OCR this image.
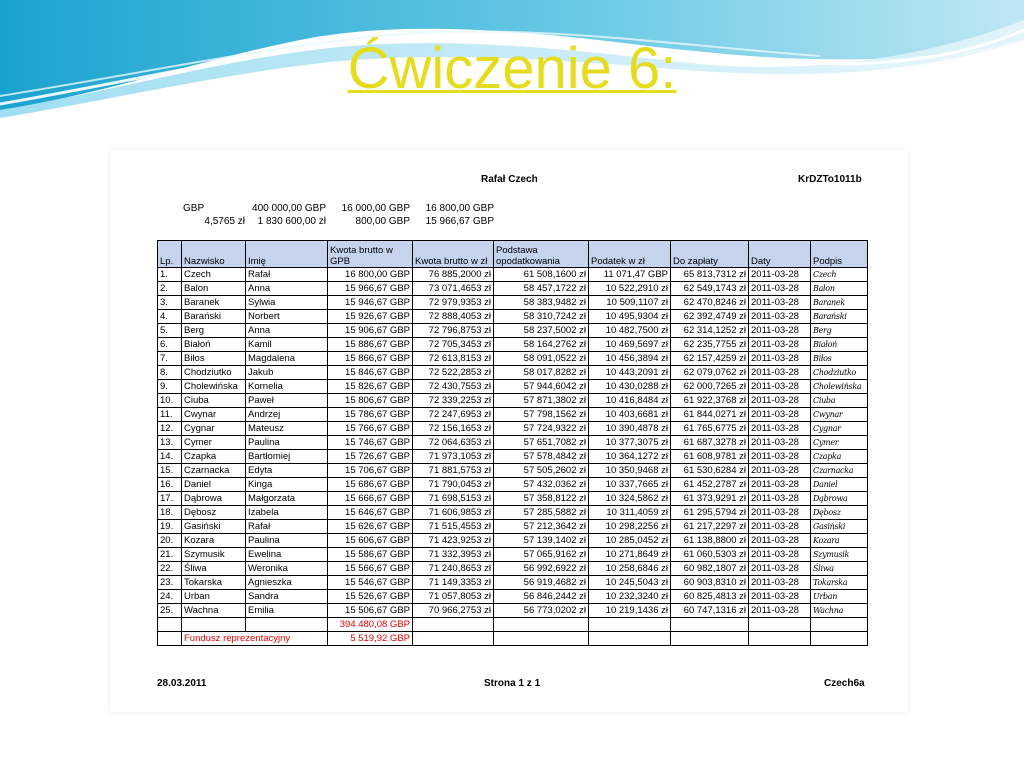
Ćwiczenie 6:
Rafał Czech	KrDZTo1011b
GBP	400 000,00 GBP	16 000,00 GBP	16 800,00 GBP
4,5765 zł	1 830 600,00 zł	800,00 GBP	15 966,67 GBP
Lp.	Nazwisko	Imię	Kwota brutto w GPB	Kwota brutto w zł	Podstawa opodatkowania	Podatek w zł	Do zapłaty	Daty	Podpis
1.	Czech	Rafał	16 800,00 GBP	76 885,2000 zł	61 508,1600 zł	11 071,47 GBP	65 813,7312 zł	2011-03-28	Czech
2.	Balon	Anna	15 966,67 GBP	73 071,4653 zł	58 457,1722 zł	10 522,2910 zł	62 549,1743 zł	2011-03-28	Balon
3.	Baranek	Sylwia	15 946,67 GBP	72 979,9353 zł	58 383,9482 zł	10 509,1107 zł	62 470,8246 zł	2011-03-28	Baranek
4.	Barański	Norbert	15 926,67 GBP	72 888,4053 zł	58 310,7242 zł	10 495,9304 zł	62 392,4749 zł	2011-03-28	Barański
5.	Berg	Anna	15 906,67 GBP	72 796,8753 zł	58 237,5002 zł	10 482,7500 zł	62 314,1252 zł	2011-03-28	Berg
6.	Białoń	Kamil	15 886,67 GBP	72 705,3453 zł	58 164,2762 zł	10 469,5697 zł	62 235,7755 zł	2011-03-28	Białoń
7.	Biłos	Magdalena	15 866,67 GBP	72 613,8153 zł	58 091,0522 zł	10 456,3894 zł	62 157,4259 zł	2011-03-28	Biłos
8.	Chodziutko	Jakub	15 846,67 GBP	72 522,2853 zł	58 017,8282 zł	10 443,2091 zł	62 079,0762 zł	2011-03-28	Chodziutko
9.	Cholewińska	Kornelia	15 826,67 GBP	72 430,7553 zł	57 944,6042 zł	10 430,0288 zł	62 000,7265 zł	2011-03-28	Cholewińska
10.	Ciuba	Paweł	15 806,67 GBP	72 339,2253 zł	57 871,3802 zł	10 416,8484 zł	61 922,3768 zł	2011-03-28	Ciuba
11.	Cwynar	Andrzej	15 786,67 GBP	72 247,6953 zł	57 798,1562 zł	10 403,6681 zł	61 844,0271 zł	2011-03-28	Cwynar
12.	Cygnar	Mateusz	15 766,67 GBP	72 156,1653 zł	57 724,9322 zł	10 390,4878 zł	61 765,6775 zł	2011-03-28	Cygnar
13.	Cymer	Paulina	15 746,67 GBP	72 064,6353 zł	57 651,7082 zł	10 377,3075 zł	61 687,3278 zł	2011-03-28	Cymer
14.	Czapka	Bartłomiej	15 726,67 GBP	71 973,1053 zł	57 578,4842 zł	10 364,1272 zł	61 608,9781 zł	2011-03-28	Czapka
15.	Czarnacka	Edyta	15 706,67 GBP	71 881,5753 zł	57 505,2602 zł	10 350,9468 zł	61 530,6284 zł	2011-03-28	Czarnacka
16.	Daniel	Kinga	15 686,67 GBP	71 790,0453 zł	57 432,0362 zł	10 337,7665 zł	61 452,2787 zł	2011-03-28	Daniel
17.	Dąbrowa	Małgorzata	15 666,67 GBP	71 698,5153 zł	57 358,8122 zł	10 324,5862 zł	61 373,9291 zł	2011-03-28	Dąbrowa
18.	Dębosz	Izabela	15 646,67 GBP	71 606,9853 zł	57 285,5882 zł	10 311,4059 zł	61 295,5794 zł	2011-03-28	Dębosz
19.	Gasiński	Rafał	15 626,67 GBP	71 515,4553 zł	57 212,3642 zł	10 298,2256 zł	61 217,2297 zł	2011-03-28	Gasiński
20.	Kozara	Paulina	15 606,67 GBP	71 423,9253 zł	57 139,1402 zł	10 285,0452 zł	61 138,8800 zł	2011-03-28	Kozara
21.	Szymusik	Ewelina	15 586,67 GBP	71 332,3953 zł	57 065,9162 zł	10 271,8649 zł	61 060,5303 zł	2011-03-28	Szymusik
22.	Śliwa	Weronika	15 566,67 GBP	71 240,8653 zł	56 992,6922 zł	10 258,6846 zł	60 982,1807 zł	2011-03-28	Śliwa
23.	Tokarska	Agnieszka	15 546,67 GBP	71 149,3353 zł	56 919,4682 zł	10 245,5043 zł	60 903,8310 zł	2011-03-28	Tokarska
24.	Urban	Sandra	15 526,67 GBP	71 057,8053 zł	56 846,2442 zł	10 232,3240 zł	60 825,4813 zł	2011-03-28	Urban
25.	Wachna	Emilia	15 506,67 GBP	70 966,2753 zł	56 773,0202 zł	10 219,1436 zł	60 747,1316 zł	2011-03-28	Wachna
			394 480,08 GBP						
	Fundusz reprezentacyjny		5 519,92 GBP						
28.03.2011	Strona 1 z 1	Czech6a
